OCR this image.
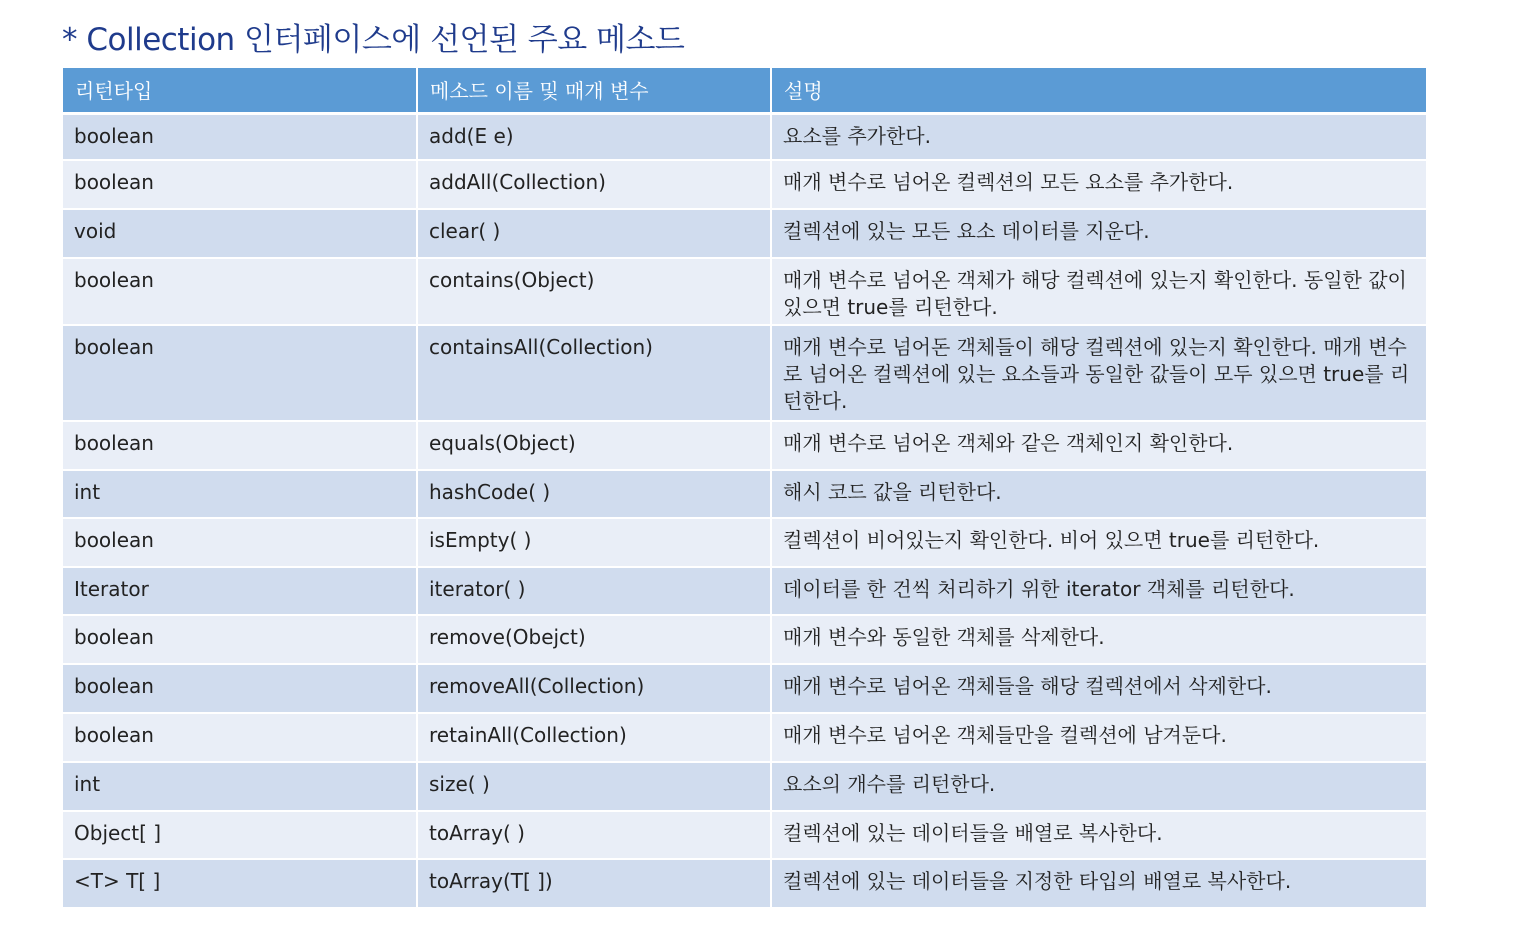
* Collection 인터페이스에 선언된 주요 메소드
리턴타입	메소드 이름 및 매개 변수	설명
boolean	add(E e)	요소를 추가한다.
boolean	addAll(Collection)	매개 변수로 넘어온 컬렉션의 모든 요소를 추가한다.
void	clear( )	컬렉션에 있는 모든 요소 데이터를 지운다.
boolean	contains(Object)	매개 변수로 넘어온 객체가 해당 컬렉션에 있는지 확인한다. 동일한 값이 있으면 true를 리턴한다.
boolean	containsAll(Collection)	매개 변수로 넘어돈 객체들이 해당 컬렉션에 있는지 확인한다. 매개 변수로 넘어온 컬렉션에 있는 요소들과 동일한 값들이 모두 있으면 true를 리턴한다.
boolean	equals(Object)	매개 변수로 넘어온 객체와 같은 객체인지 확인한다.
int	hashCode( )	해시 코드 값을 리턴한다.
boolean	isEmpty( )	컬렉션이 비어있는지 확인한다. 비어 있으면 true를 리턴한다.
Iterator	iterator( )	데이터를 한 건씩 처리하기 위한 iterator 객체를 리턴한다.
boolean	remove(Obejct)	매개 변수와 동일한 객체를 삭제한다.
boolean	removeAll(Collection)	매개 변수로 넘어온 객체들을 해당 컬렉션에서 삭제한다.
boolean	retainAll(Collection)	매개 변수로 넘어온 객체들만을 컬렉션에 남겨둔다.
int	size( )	요소의 개수를 리턴한다.
Object[ ]	toArray( )	컬렉션에 있는 데이터들을 배열로 복사한다.
<T> T[ ]	toArray(T[ ])	컬렉션에 있는 데이터들을 지정한 타입의 배열로 복사한다.
